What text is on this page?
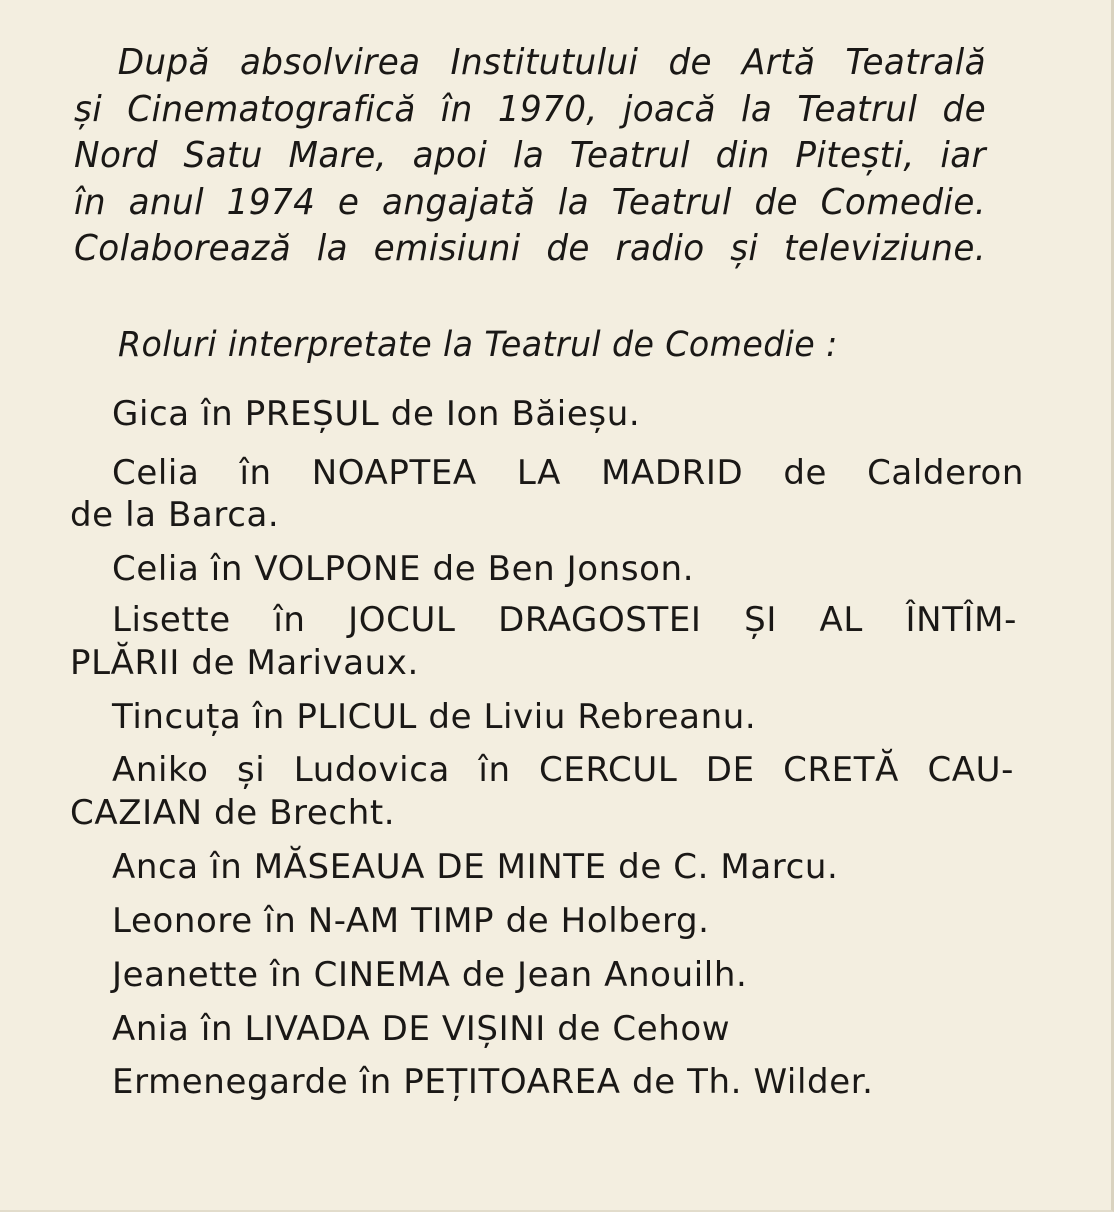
După absolvirea Institutului de Artă Teatrală
și Cinematografică în 1970, joacă la Teatrul de
Nord Satu Mare, apoi la Teatrul din Pitești, iar
în anul 1974 e angajată la Teatrul de Comedie.
Colaborează la emisiuni de radio și televiziune.
Roluri interpretate la Teatrul de Comedie :
Gica în PREȘUL de Ion Băieșu.
Celia în NOAPTEA LA MADRID de Calderon
de la Barca.
Celia în VOLPONE de Ben Jonson.
Lisette în JOCUL DRAGOSTEI ȘI AL ÎNTÎM-
PLĂRII de Marivaux.
Tincuța în PLICUL de Liviu Rebreanu.
Aniko și Ludovica în CERCUL DE CRETĂ CAU-
CAZIAN de Brecht.
Anca în MĂSEAUA DE MINTE de C. Marcu.
Leonore în N-AM TIMP de Holberg.
Jeanette în CINEMA de Jean Anouilh.
Ania în LIVADA DE VIȘINI de Cehow
Ermenegarde în PEȚITOAREA de Th. Wilder.
